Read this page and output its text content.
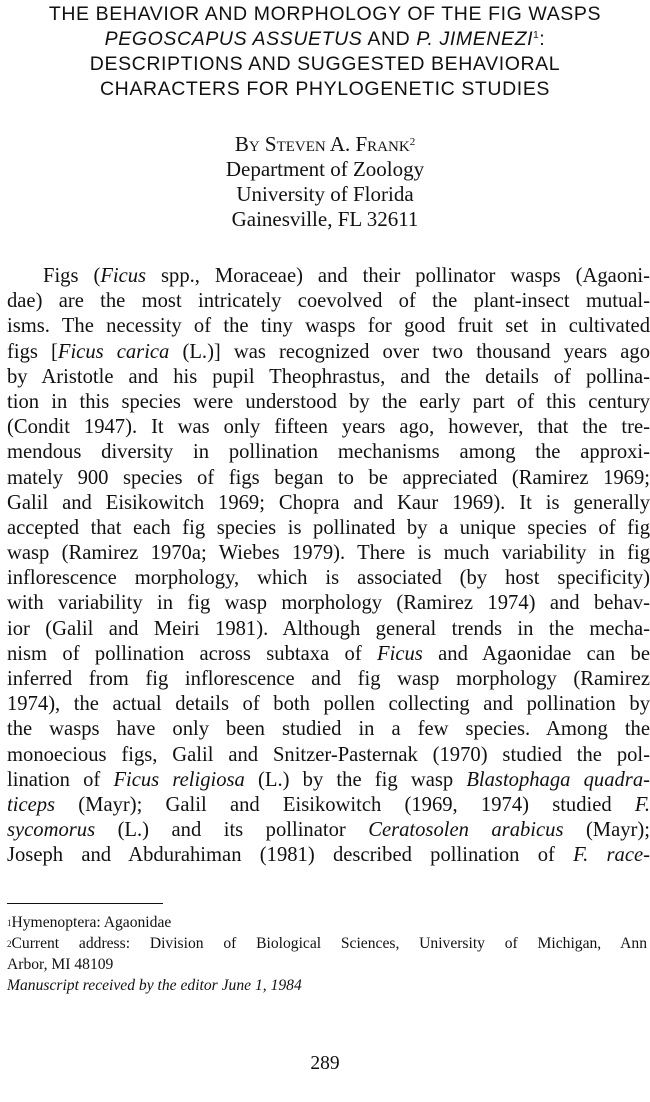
THE BEHAVIOR AND MORPHOLOGY OF THE FIG WASPS
PEGOSCAPUS ASSUETUS AND P. JIMENEZI$^1$:
DESCRIPTIONS AND SUGGESTED BEHAVIORAL
CHARACTERS FOR PHYLOGENETIC STUDIES
By Steven A. Frank$^2$
Department of Zoology
University of Florida
Gainesville, FL 32611
Figs (Ficus spp., Moraceae) and their pollinator wasps (Agaoni-
dae) are the most intricately coevolved of the plant-insect mutual-
isms. The necessity of the tiny wasps for good fruit set in cultivated
figs [Ficus carica (L.)] was recognized over two thousand years ago
by Aristotle and his pupil Theophrastus, and the details of pollina-
tion in this species were understood by the early part of this century
(Condit 1947). It was only fifteen years ago, however, that the tre-
mendous diversity in pollination mechanisms among the approxi-
mately 900 species of figs began to be appreciated (Ramirez 1969;
Galil and Eisikowitch 1969; Chopra and Kaur 1969). It is generally
accepted that each fig species is pollinated by a unique species of fig
wasp (Ramirez 1970a; Wiebes 1979). There is much variability in fig
inflorescence morphology, which is associated (by host specificity)
with variability in fig wasp morphology (Ramirez 1974) and behav-
ior (Galil and Meiri 1981). Although general trends in the mecha-
nism of pollination across subtaxa of Ficus and Agaonidae can be
inferred from fig inflorescence and fig wasp morphology (Ramirez
1974), the actual details of both pollen collecting and pollination by
the wasps have only been studied in a few species. Among the
monoecious figs, Galil and Snitzer-Pasternak (1970) studied the pol-
lination of Ficus religiosa (L.) by the fig wasp Blastophaga quadra-
ticeps (Mayr); Galil and Eisikowitch (1969, 1974) studied F.
sycomorus (L.) and its pollinator Ceratosolen arabicus (Mayr);
Joseph and Abdurahiman (1981) described pollination of F. race-
$^1$Hymenoptera: Agaonidae
$^2$Current address: Division of Biological Sciences, University of Michigan, Ann
Arbor, MI 48109
Manuscript received by the editor June 1, 1984
289
